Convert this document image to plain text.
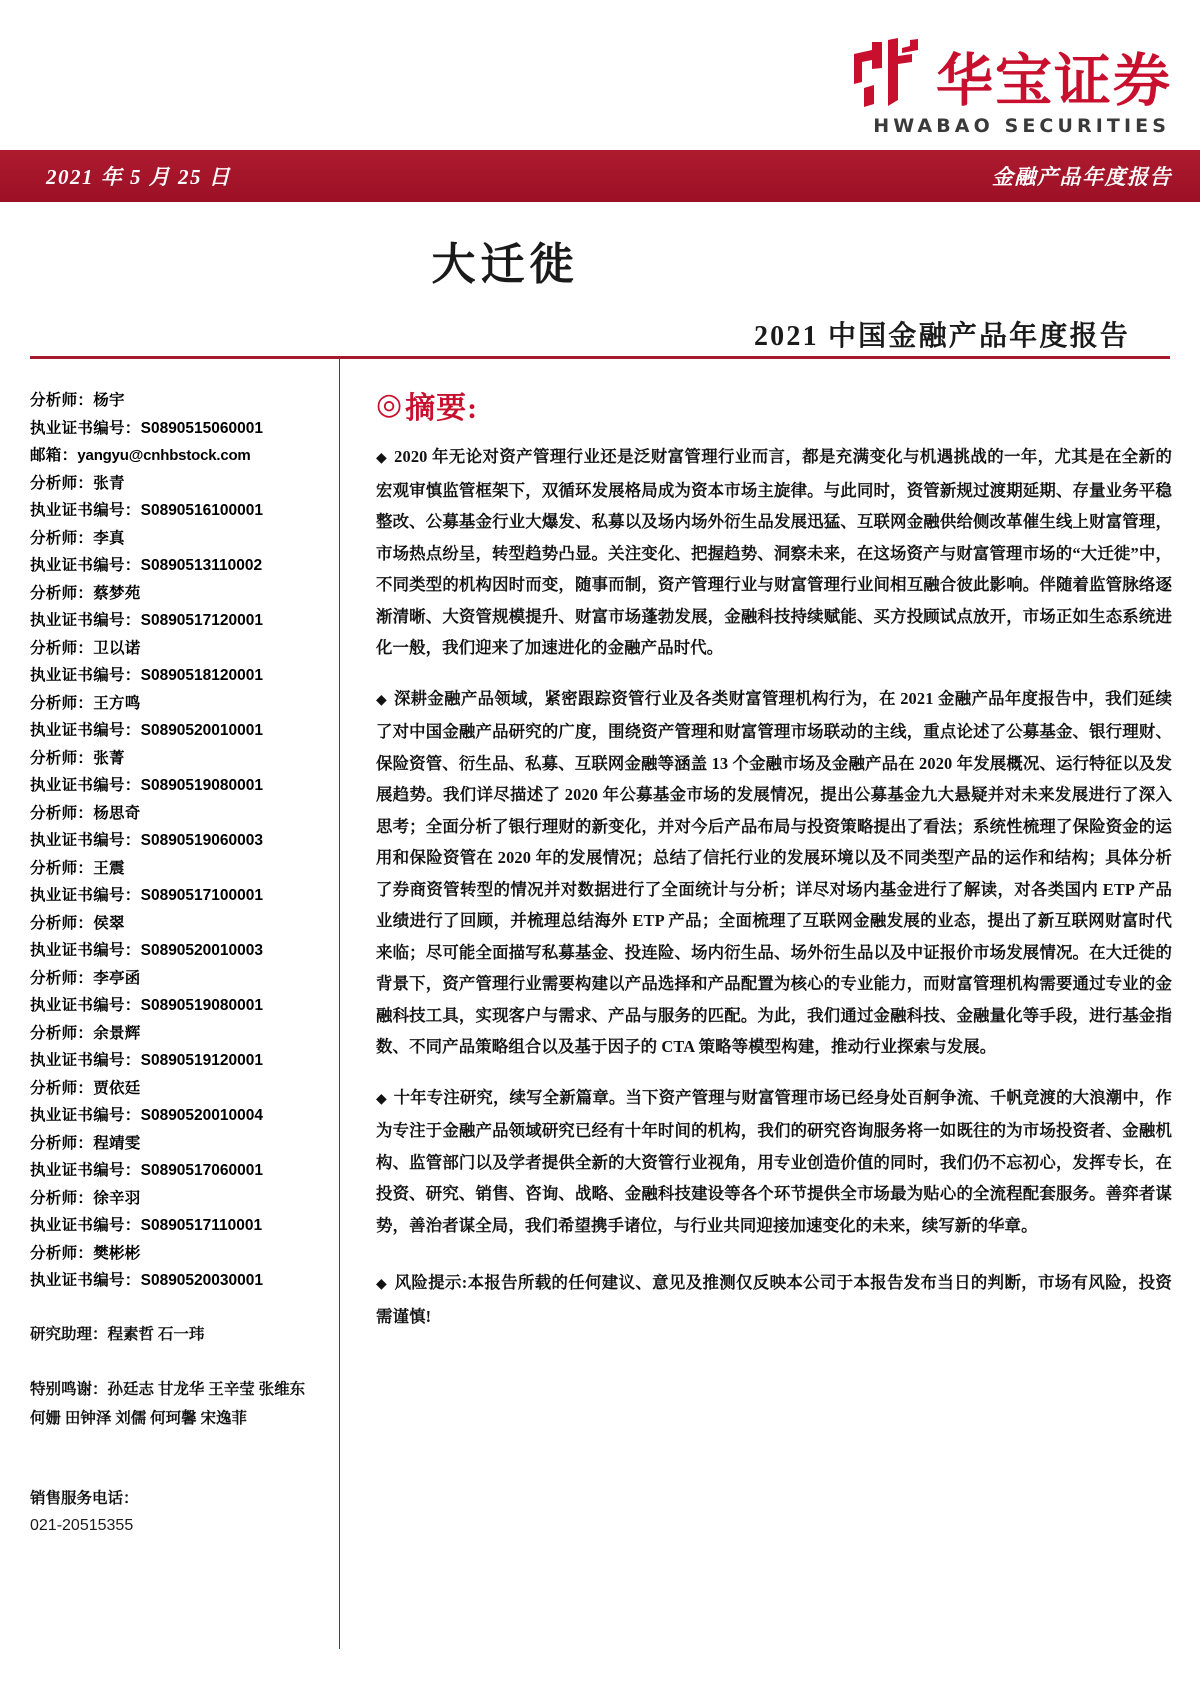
华宝证券
HWABAO SECURITIES
2021 年 5 月 25 日	金融产品年度报告
大迁徙
2021 中国金融产品年度报告
分析师：杨宇
执业证书编号：S0890515060001
邮箱：yangyu@cnhbstock.com
分析师：张青
执业证书编号：S0890516100001
分析师：李真
执业证书编号：S0890513110002
分析师：蔡梦苑
执业证书编号：S0890517120001
分析师：卫以诺
执业证书编号：S0890518120001
分析师：王方鸣
执业证书编号：S0890520010001
分析师：张菁
执业证书编号：S0890519080001
分析师：杨思奇
执业证书编号：S0890519060003
分析师：王震
执业证书编号：S0890517100001
分析师：侯翠
执业证书编号：S0890520010003
分析师：李亭函
执业证书编号：S0890519080001
分析师：余景辉
执业证书编号：S0890519120001
分析师：贾依廷
执业证书编号：S0890520010004
分析师：程靖雯
执业证书编号：S0890517060001
分析师：徐辛羽
执业证书编号：S0890517110001
分析师：樊彬彬
执业证书编号：S0890520030001
研究助理：程素哲 石一玮
特别鸣谢：孙廷志 甘龙华 王辛莹 张维东
何姗 田钟泽 刘儒 何珂馨 宋逸菲
销售服务电话：
021-20515355
◎ 摘要:
◆ 2020 年无论对资产管理行业还是泛财富管理行业而言，都是充满变化与机遇挑战的一年，尤其是在全新的宏观审慎监管框架下，双循环发展格局成为资本市场主旋律。与此同时，资管新规过渡期延期、存量业务平稳整改、公募基金行业大爆发、私募以及场内场外衍生品发展迅猛、互联网金融供给侧改革催生线上财富管理，市场热点纷呈，转型趋势凸显。关注变化、把握趋势、洞察未来，在这场资产与财富管理市场的“大迁徙”中，不同类型的机构因时而变，随事而制，资产管理行业与财富管理行业间相互融合彼此影响。伴随着监管脉络逐渐清晰、大资管规模提升、财富市场蓬勃发展，金融科技持续赋能、买方投顾试点放开，市场正如生态系统进化一般，我们迎来了加速进化的金融产品时代。
◆ 深耕金融产品领域，紧密跟踪资管行业及各类财富管理机构行为，在 2021 金融产品年度报告中，我们延续了对中国金融产品研究的广度，围绕资产管理和财富管理市场联动的主线，重点论述了公募基金、银行理财、保险资管、衍生品、私募、互联网金融等涵盖 13 个金融市场及金融产品在 2020 年发展概况、运行特征以及发展趋势。我们详尽描述了 2020 年公募基金市场的发展情况，提出公募基金九大悬疑并对未来发展进行了深入思考；全面分析了银行理财的新变化，并对今后产品布局与投资策略提出了看法；系统性梳理了保险资金的运用和保险资管在 2020 年的发展情况；总结了信托行业的发展环境以及不同类型产品的运作和结构；具体分析了券商资管转型的情况并对数据进行了全面统计与分析；详尽对场内基金进行了解读，对各类国内 ETP 产品业绩进行了回顾，并梳理总结海外 ETP 产品；全面梳理了互联网金融发展的业态，提出了新互联网财富时代来临；尽可能全面描写私募基金、投连险、场内衍生品、场外衍生品以及中证报价市场发展情况。在大迁徙的背景下，资产管理行业需要构建以产品选择和产品配置为核心的专业能力，而财富管理机构需要通过专业的金融科技工具，实现客户与需求、产品与服务的匹配。为此，我们通过金融科技、金融量化等手段，进行基金指数、不同产品策略组合以及基于因子的 CTA 策略等模型构建，推动行业探索与发展。
◆ 十年专注研究，续写全新篇章。当下资产管理与财富管理市场已经身处百舸争流、千帆竞渡的大浪潮中，作为专注于金融产品领域研究已经有十年时间的机构，我们的研究咨询服务将一如既往的为市场投资者、金融机构、监管部门以及学者提供全新的大资管行业视角，用专业创造价值的同时，我们仍不忘初心，发挥专长，在投资、研究、销售、咨询、战略、金融科技建设等各个环节提供全市场最为贴心的全流程配套服务。善弈者谋势，善治者谋全局，我们希望携手诸位，与行业共同迎接加速变化的未来，续写新的华章。
◆ 风险提示:本报告所载的任何建议、意见及推测仅反映本公司于本报告发布当日的判断，市场有风险，投资需谨慎!
